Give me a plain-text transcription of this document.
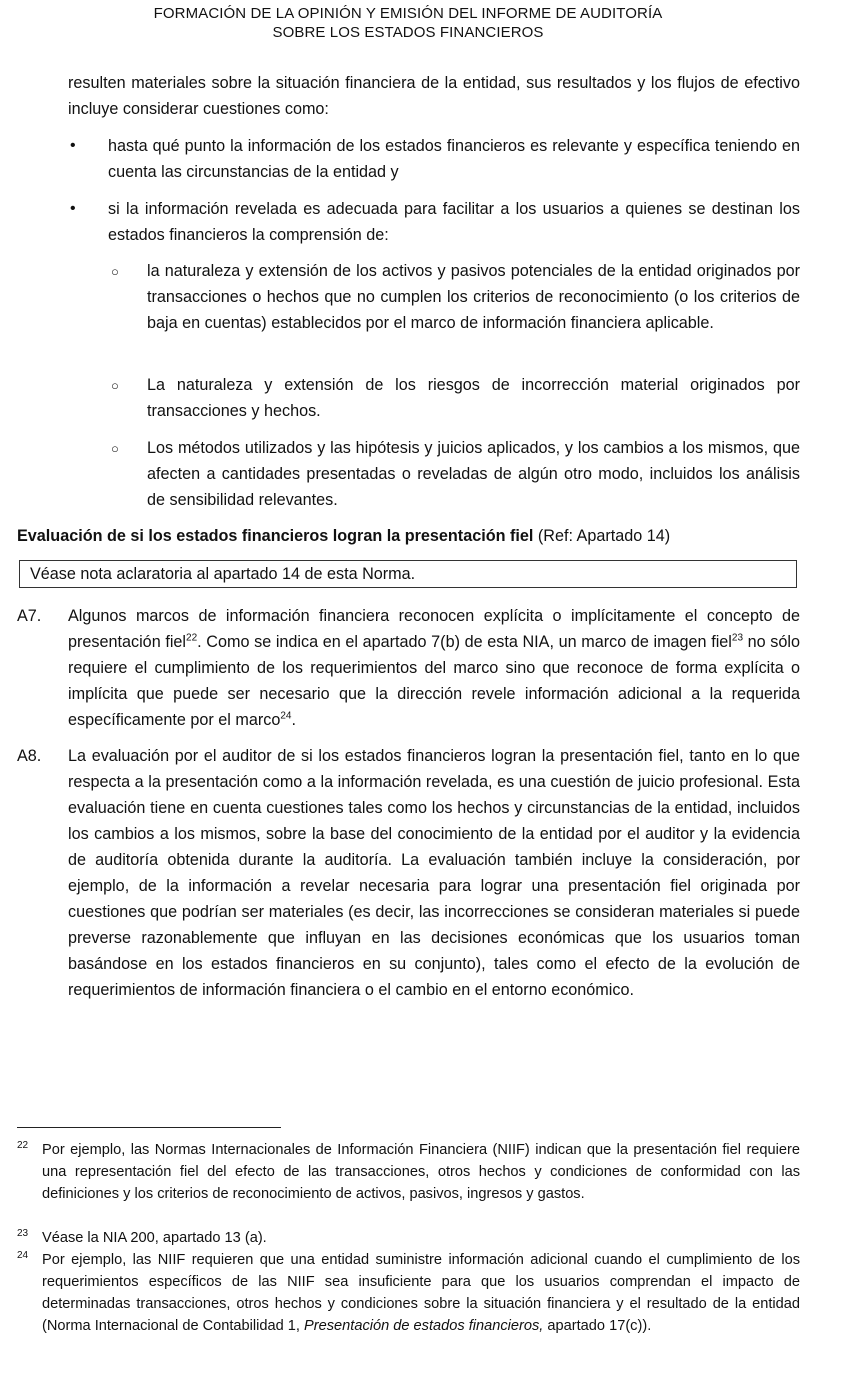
FORMACIÓN DE LA OPINIÓN Y EMISIÓN DEL INFORME DE AUDITORÍA
SOBRE LOS ESTADOS FINANCIEROS
resulten materiales sobre la situación financiera de la entidad, sus resultados y los flujos de efectivo incluye considerar cuestiones como:
• hasta qué punto la información de los estados financieros es relevante y específica teniendo en cuenta las circunstancias de la entidad y
• si la información revelada es adecuada para facilitar a los usuarios a quienes se destinan los estados financieros la comprensión de:
○ la naturaleza y extensión de los activos y pasivos potenciales de la entidad originados por transacciones o hechos que no cumplen los criterios de reconocimiento (o los criterios de baja en cuentas) establecidos por el marco de información financiera aplicable.
○ La naturaleza y extensión de los riesgos de incorrección material originados por transacciones y hechos.
○ Los métodos utilizados y las hipótesis y juicios aplicados, y los cambios a los mismos, que afecten a cantidades presentadas o reveladas de algún otro modo, incluidos los análisis de sensibilidad relevantes.
Evaluación de si los estados financieros logran la presentación fiel (Ref: Apartado 14)
Véase nota aclaratoria al apartado 14 de esta Norma.
A7. Algunos marcos de información financiera reconocen explícita o implícitamente el concepto de presentación fiel$^{22}$. Como se indica en el apartado 7(b) de esta NIA, un marco de imagen fiel$^{23}$ no sólo requiere el cumplimiento de los requerimientos del marco sino que reconoce de forma explícita o implícita que puede ser necesario que la dirección revele información adicional a la requerida específicamente por el marco$^{24}$.
A8. La evaluación por el auditor de si los estados financieros logran la presentación fiel, tanto en lo que respecta a la presentación como a la información revelada, es una cuestión de juicio profesional. Esta evaluación tiene en cuenta cuestiones tales como los hechos y circunstancias de la entidad, incluidos los cambios a los mismos, sobre la base del conocimiento de la entidad por el auditor y la evidencia de auditoría obtenida durante la auditoría. La evaluación también incluye la consideración, por ejemplo, de la información a revelar necesaria para lograr una presentación fiel originada por cuestiones que podrían ser materiales (es decir, las incorrecciones se consideran materiales si puede preverse razonablemente que influyan en las decisiones económicas que los usuarios toman basándose en los estados financieros en su conjunto), tales como el efecto de la evolución de requerimientos de información financiera o el cambio en el entorno económico.
22 Por ejemplo, las Normas Internacionales de Información Financiera (NIIF) indican que la presentación fiel requiere una representación fiel del efecto de las transacciones, otros hechos y condiciones de conformidad con las definiciones y los criterios de reconocimiento de activos, pasivos, ingresos y gastos.
23 Véase la NIA 200, apartado 13 (a).
24 Por ejemplo, las NIIF requieren que una entidad suministre información adicional cuando el cumplimiento de los requerimientos específicos de las NIIF sea insuficiente para que los usuarios comprendan el impacto de determinadas transacciones, otros hechos y condiciones sobre la situación financiera y el resultado de la entidad (Norma Internacional de Contabilidad 1, Presentación de estados financieros, apartado 17(c)).
